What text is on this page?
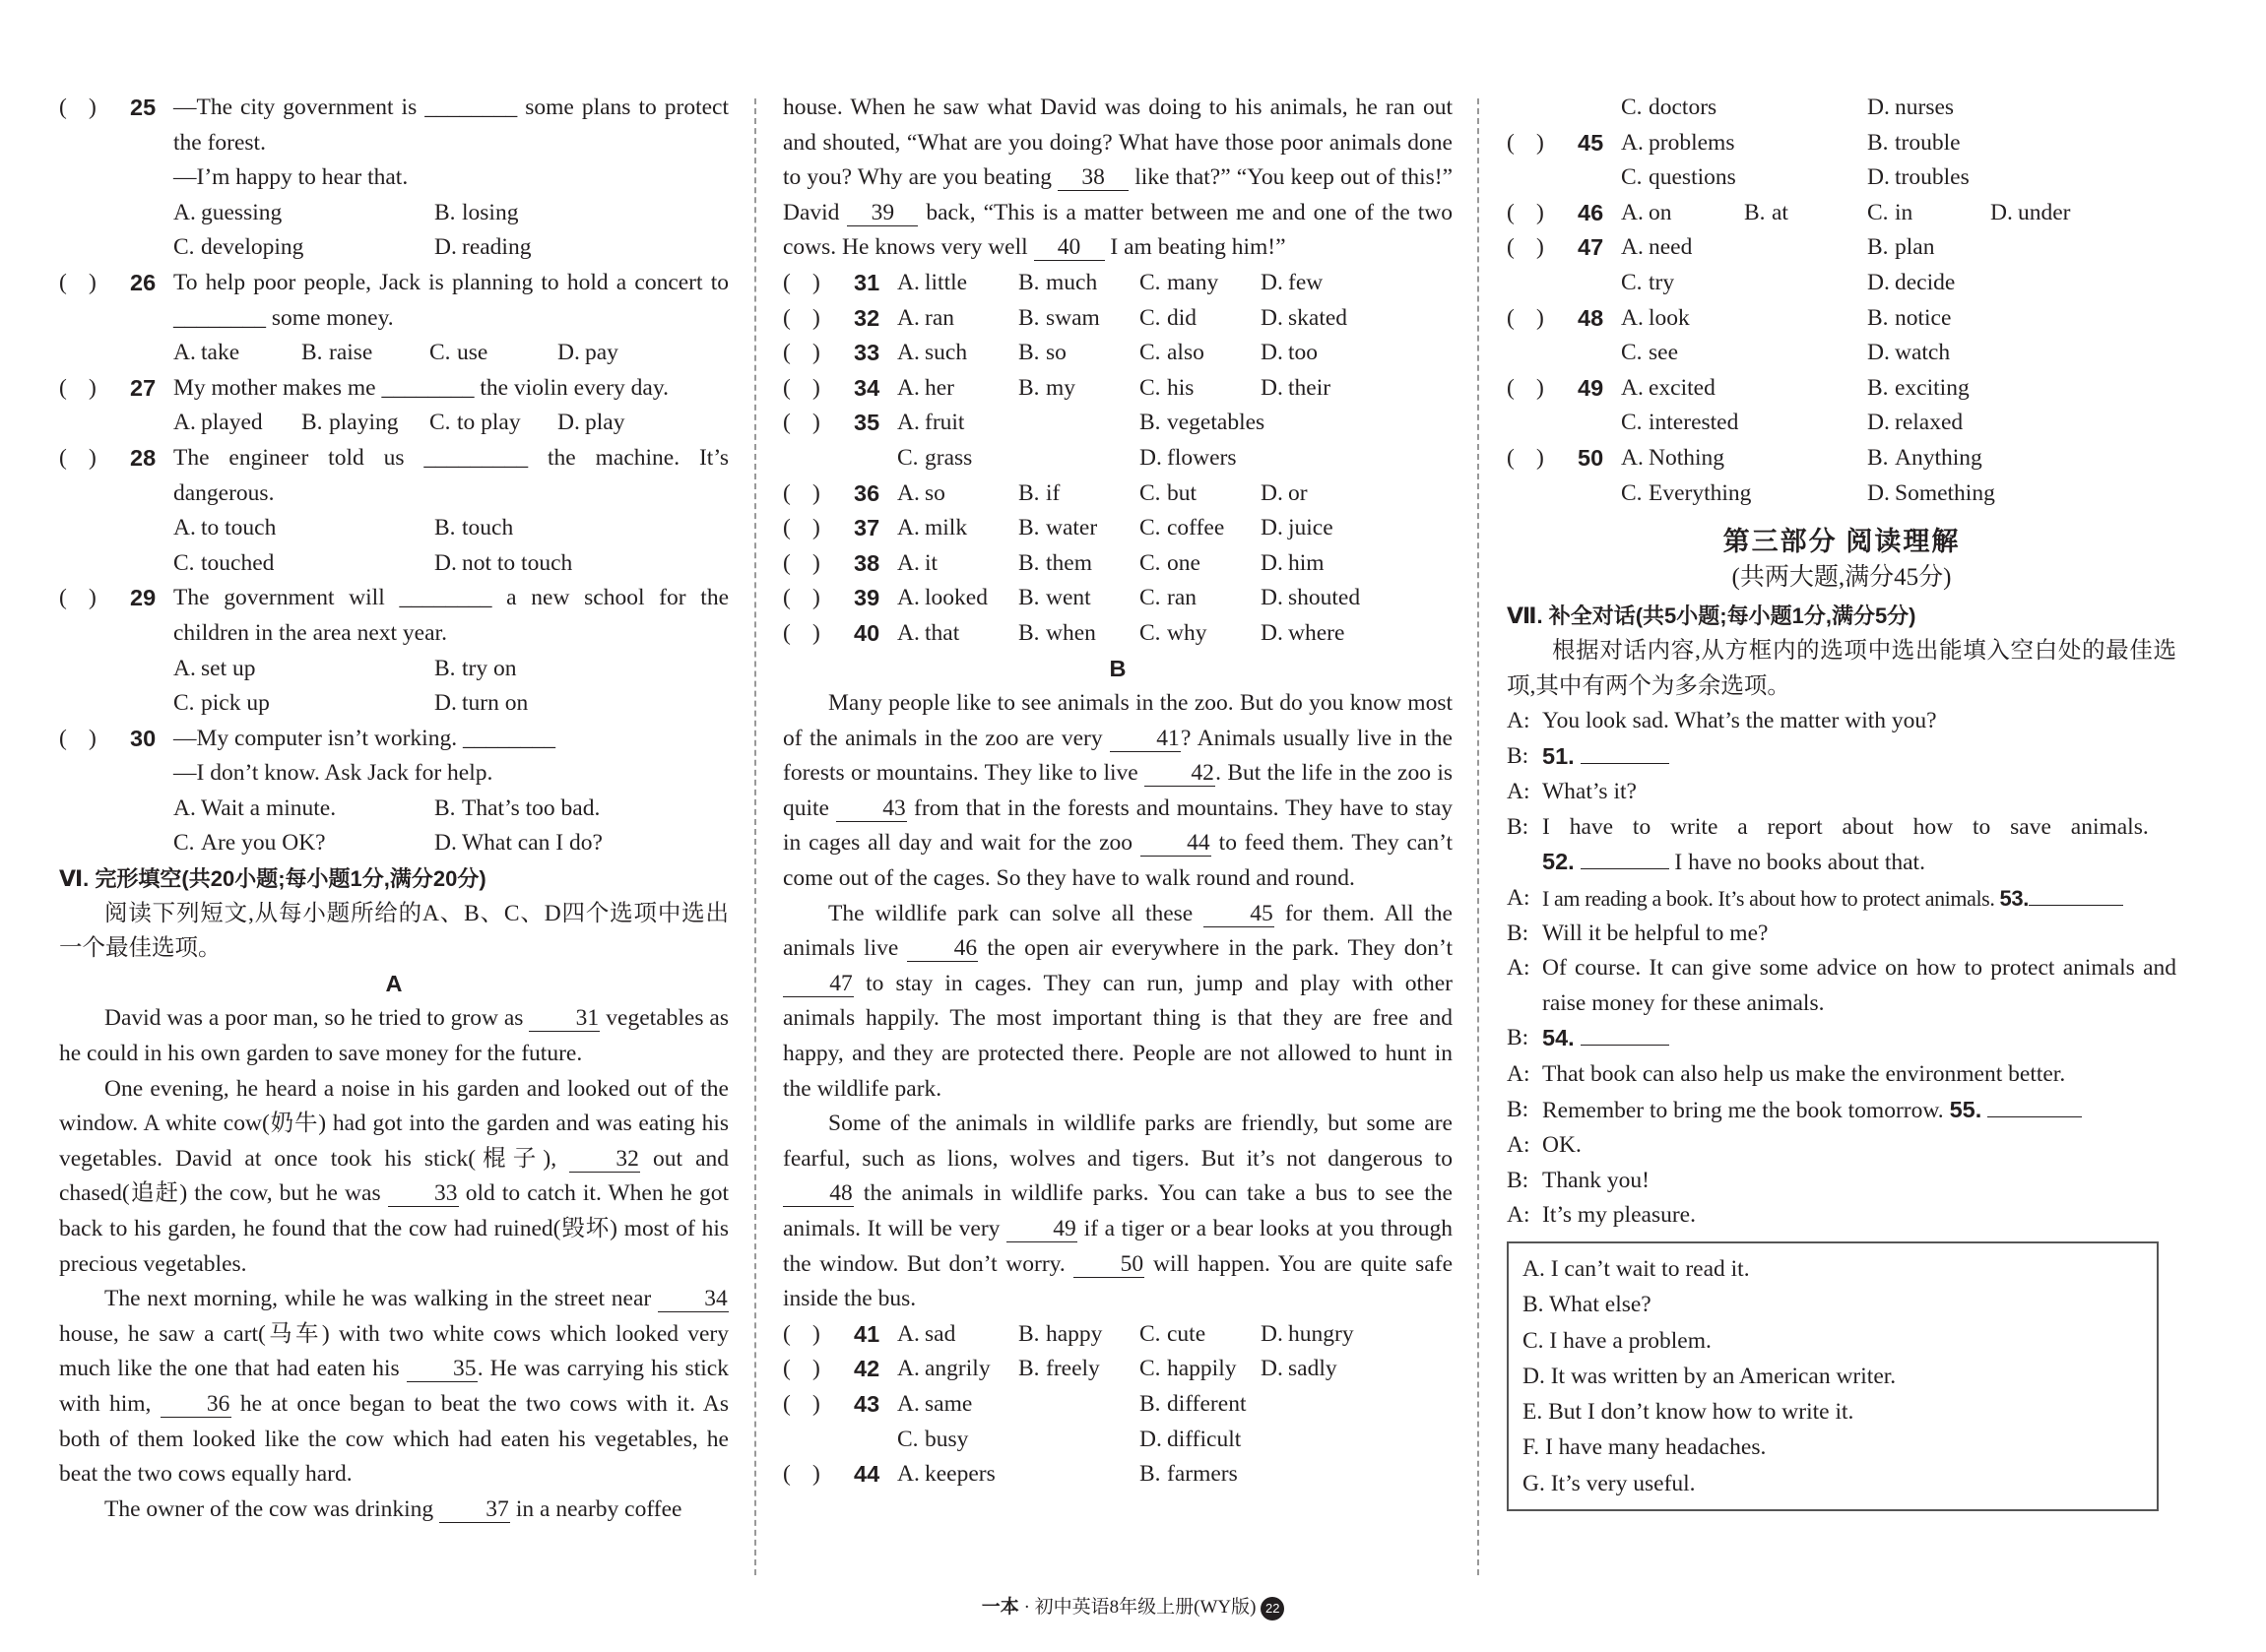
( )	25 —The city government is ________ some plans to protect the forest.
—I’m happy to hear that.
A. guessing	B. losing
C. developing	D. reading
( )	26 To help poor people, Jack is planning to hold a concert to ________ some money.
A. take	B. raise	C. use	D. pay
( )	27 My mother makes me ________ the violin every day.
A. played	B. playing	C. to play	D. play
( )	28 The engineer told us _________ the machine. It’s dangerous.
A. to touch	B. touch
C. touched	D. not to touch
( )	29 The government will ________ a new school for the children in the area next year.
A. set up	B. try on
C. pick up	D. turn on
( )	30 —My computer isn’t working. ________
—I don’t know. Ask Jack for help.
A. Wait a minute.	B. That’s too bad.
C. Are you OK?	D. What can I do?
Ⅵ. 完形填空(共20小题;每小题1分,满分20分)
阅读下列短文,从每小题所给的A、B、C、D四个选项中选出一个最佳选项。
A
David was a poor man, so he tried to grow as 31 vegetables as he could in his own garden to save money for the future.
One evening, he heard a noise in his garden and looked out of the window. A white cow(奶牛) had got into the garden and was eating his vegetables. David at once took his stick(棍子), 32 out and chased(追赶) the cow, but he was 33 old to catch it. When he got back to his garden, he found that the cow had ruined(毁坏) most of his precious vegetables.
The next morning, while he was walking in the street near 34 house, he saw a cart(马车) with two white cows which looked very much like the one that had eaten his 35. He was carrying his stick with him, 36 he at once began to beat the two cows with it. As both of them looked like the cow which had eaten his vegetables, he beat the two cows equally hard.
The owner of the cow was drinking 37 in a nearby coffee
house. When he saw what David was doing to his animals, he ran out and shouted, “What are you doing? What have those poor animals done to you? Why are you beating 38 like that?” “You keep out of this!” David 39 back, “This is a matter between me and one of the two cows. He knows very well 40 I am beating him!”
( )	31 A. little	B. much	C. many	D. few
( )	32 A. ran	B. swam	C. did	D. skated
( )	33 A. such	B. so	C. also	D. too
( )	34 A. her	B. my	C. his	D. their
( )	35 A. fruit	B. vegetables
C. grass	D. flowers
( )	36 A. so	B. if	C. but	D. or
( )	37 A. milk	B. water	C. coffee	D. juice
( )	38 A. it	B. them	C. one	D. him
( )	39 A. looked	B. went	C. ran	D. shouted
( )	40 A. that	B. when	C. why	D. where
B
Many people like to see animals in the zoo. But do you know most of the animals in the zoo are very 41? Animals usually live in the forests or mountains. They like to live 42. But the life in the zoo is quite 43 from that in the forests and mountains. They have to stay in cages all day and wait for the zoo 44 to feed them. They can’t come out of the cages. So they have to walk round and round.
The wildlife park can solve all these 45 for them. All the animals live 46 the open air everywhere in the park. They don’t 47 to stay in cages. They can run, jump and play with other animals happily. The most important thing is that they are free and happy, and they are protected there. People are not allowed to hunt in the wildlife park.
Some of the animals in wildlife parks are friendly, but some are fearful, such as lions, wolves and tigers. But it’s not dangerous to 48 the animals in wildlife parks. You can take a bus to see the animals. It will be very 49 if a tiger or a bear looks at you through the window. But don’t worry. 50 will happen. You are quite safe inside the bus.
( )	41 A. sad	B. happy	C. cute	D. hungry
( )	42 A. angrily	B. freely	C. happily	D. sadly
( )	43 A. same	B. different
C. busy	D. difficult
( )	44 A. keepers	B. farmers
C. doctors	D. nurses
( )	45 A. problems	B. trouble
C. questions	D. troubles
( )	46 A. on	B. at	C. in	D. under
( )	47 A. need	B. plan
C. try	D. decide
( )	48 A. look	B. notice
C. see	D. watch
( )	49 A. excited	B. exciting
C. interested	D. relaxed
( )	50 A. Nothing	B. Anything
C. Everything	D. Something
第三部分 阅读理解
(共两大题,满分45分)
Ⅶ. 补全对话(共5小题;每小题1分,满分5分)
根据对话内容,从方框内的选项中选出能填入空白处的最佳选项,其中有两个为多余选项。
A: You look sad. What’s the matter with you?
B: 51.
A: What’s it?
B: I have to write a report about how to save animals.
52.	I have no books about that.
A: I am reading a book. It’s about how to protect animals. 53.
B: Will it be helpful to me?
A: Of course. It can give some advice on how to protect animals and raise money for these animals.
B: 54.
A: That book can also help us make the environment better.
B: Remember to bring me the book tomorrow. 55.
A: OK.
B: Thank you!
A: It’s my pleasure.
A. I can’t wait to read it.
B. What else?
C. I have a problem.
D. It was written by an American writer.
E. But I don’t know how to write it.
F. I have many headaches.
G. It’s very useful.
一本 · 初中英语8年级上册(WY版) 22
